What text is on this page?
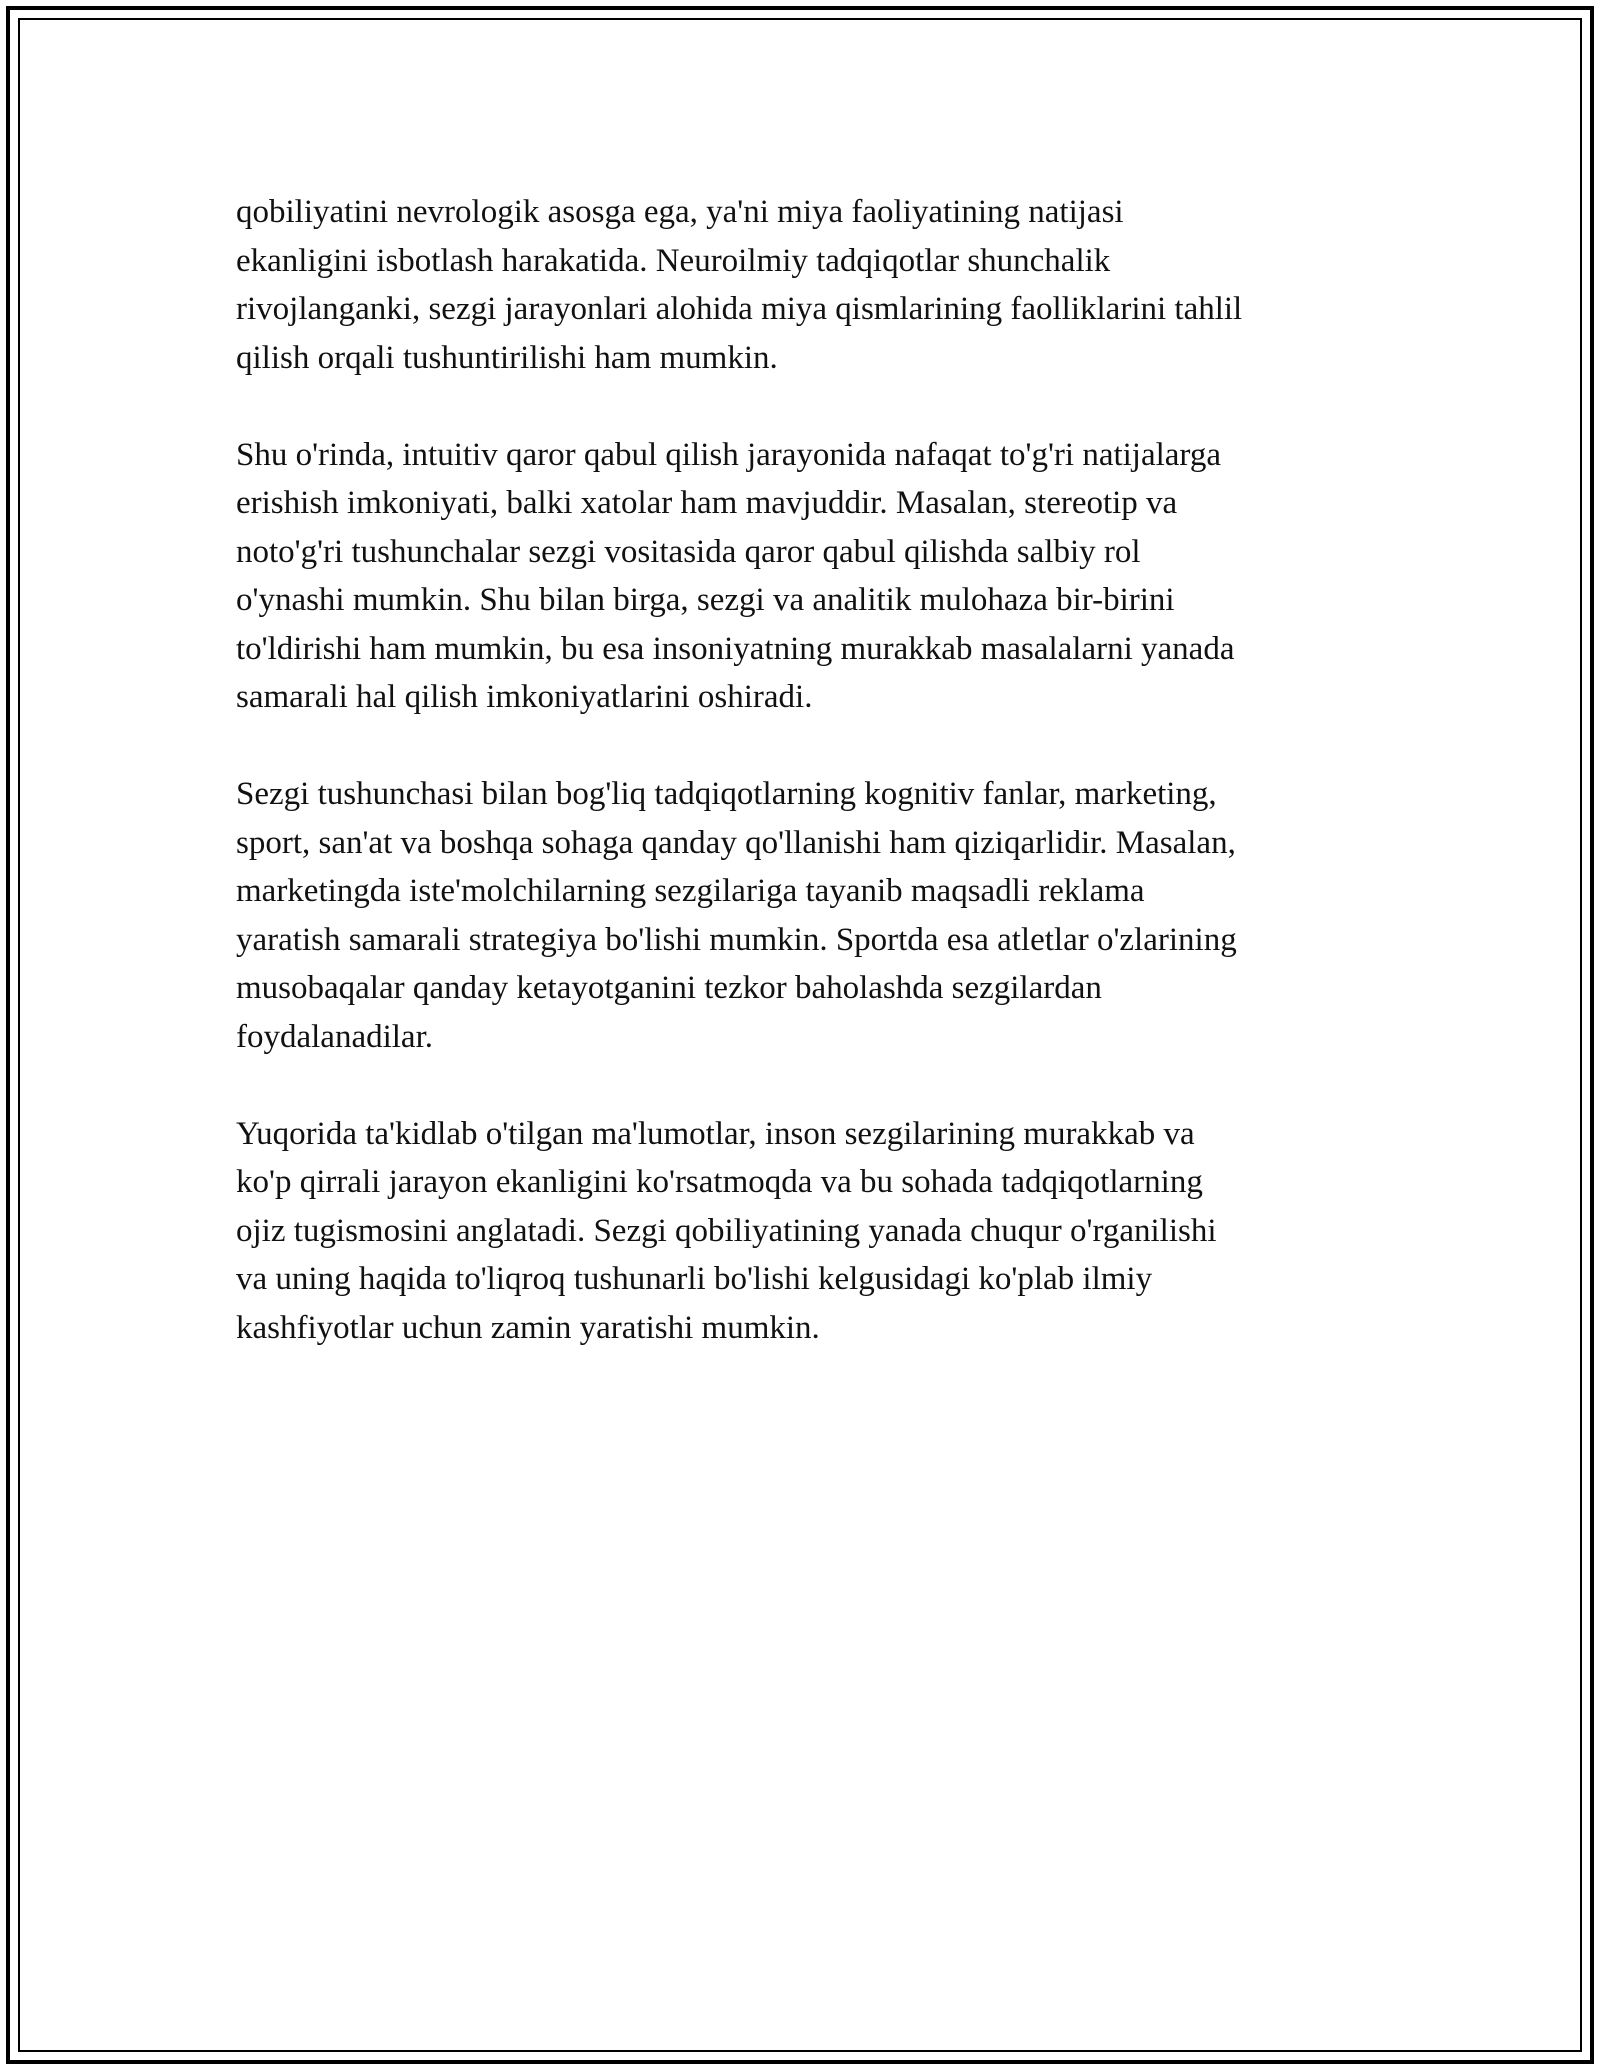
qobiliyatini nevrologik asosga ega, ya'ni miya faoliyatining natijasi
ekanligini isbotlash harakatida. Neuroilmiy tadqiqotlar shunchalik
rivojlanganki, sezgi jarayonlari alohida miya qismlarining faolliklarini tahlil
qilish orqali tushuntirilishi ham mumkin.

Shu o'rinda, intuitiv qaror qabul qilish jarayonida nafaqat to'g'ri natijalarga
erishish imkoniyati, balki xatolar ham mavjuddir. Masalan, stereotip va
noto'g'ri tushunchalar sezgi vositasida qaror qabul qilishda salbiy rol
o'ynashi mumkin. Shu bilan birga, sezgi va analitik mulohaza bir-birini
to'ldirishi ham mumkin, bu esa insoniyatning murakkab masalalarni yanada
samarali hal qilish imkoniyatlarini oshiradi.

Sezgi tushunchasi bilan bog'liq tadqiqotlarning kognitiv fanlar, marketing,
sport, san'at va boshqa sohaga qanday qo'llanishi ham qiziqarlidir. Masalan,
marketingda iste'molchilarning sezgilariga tayanib maqsadli reklama
yaratish samarali strategiya bo'lishi mumkin. Sportda esa atletlar o'zlarining
musobaqalar qanday ketayotganini tezkor baholashda sezgilardan
foydalanadilar.

Yuqorida ta'kidlab o'tilgan ma'lumotlar, inson sezgilarining murakkab va
ko'p qirrali jarayon ekanligini ko'rsatmoqda va bu sohada tadqiqotlarning
ojiz tugismosini anglatadi. Sezgi qobiliyatining yanada chuqur o'rganilishi
va uning haqida to'liqroq tushunarli bo'lishi kelgusidagi ko'plab ilmiy
kashfiyotlar uchun zamin yaratishi mumkin.
